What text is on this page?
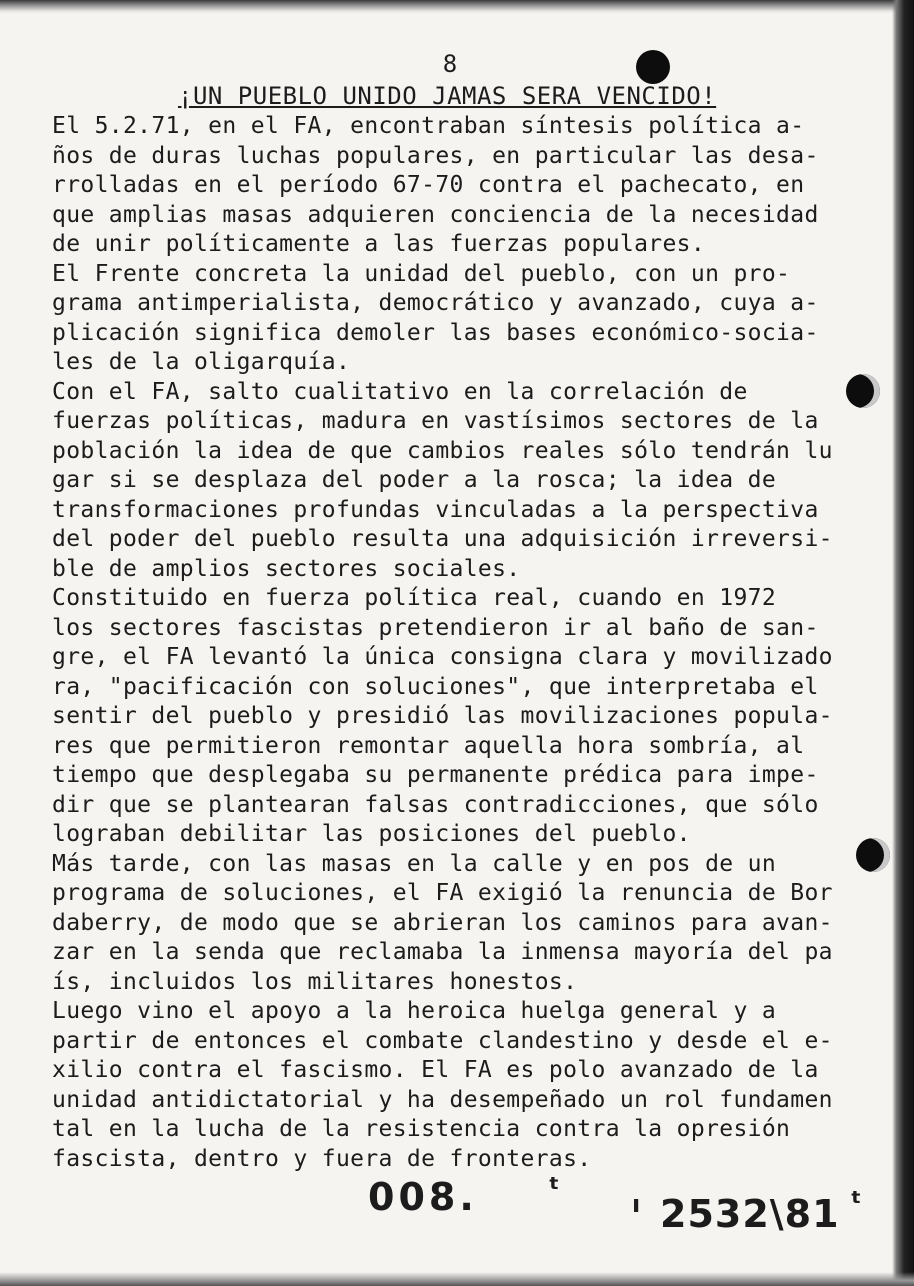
8
¡UN PUEBLO UNIDO JAMAS SERA VENCIDO!
El 5.2.71, en el FA, encontraban síntesis política a-
ños de duras luchas populares, en particular las desa-
rrolladas en el período 67-70 contra el pachecato, en
que amplias masas adquieren conciencia de la necesidad
de unir políticamente a las fuerzas populares.
El Frente concreta la unidad del pueblo, con un pro-
grama antimperialista, democrático y avanzado, cuya a-
plicación significa demoler las bases económico-socia-
les de la oligarquía.
Con el FA, salto cualitativo en la correlación de
fuerzas políticas, madura en vastísimos sectores de la
población la idea de que cambios reales sólo tendrán lu
gar si se desplaza del poder a la rosca; la idea de
transformaciones profundas vinculadas a la perspectiva
del poder del pueblo resulta una adquisición irreversi-
ble de amplios sectores sociales.
Constituido en fuerza política real, cuando en 1972
los sectores fascistas pretendieron ir al baño de san-
gre, el FA levantó la única consigna clara y movilizado
ra, "pacificación con soluciones", que interpretaba el
sentir del pueblo y presidió las movilizaciones popula-
res que permitieron remontar aquella hora sombría, al
tiempo que desplegaba su permanente prédica para impe-
dir que se plantearan falsas contradicciones, que sólo
lograban debilitar las posiciones del pueblo.
Más tarde, con las masas en la calle y en pos de un
programa de soluciones, el FA exigió la renuncia de Bor
daberry, de modo que se abrieran los caminos para avan-
zar en la senda que reclamaba la inmensa mayoría del pa
ís, incluidos los militares honestos.
Luego vino el apoyo a la heroica huelga general y a
partir de entonces el combate clandestino y desde el e-
xilio contra el fascismo. El FA es polo avanzado de la
unidad antidictatorial y ha desempeñado un rol fundamen
tal en la lucha de la resistencia contra la opresión
fascista, dentro y fuera de fronteras.
008. ᵗ	ı 2532\81 ᵗ
